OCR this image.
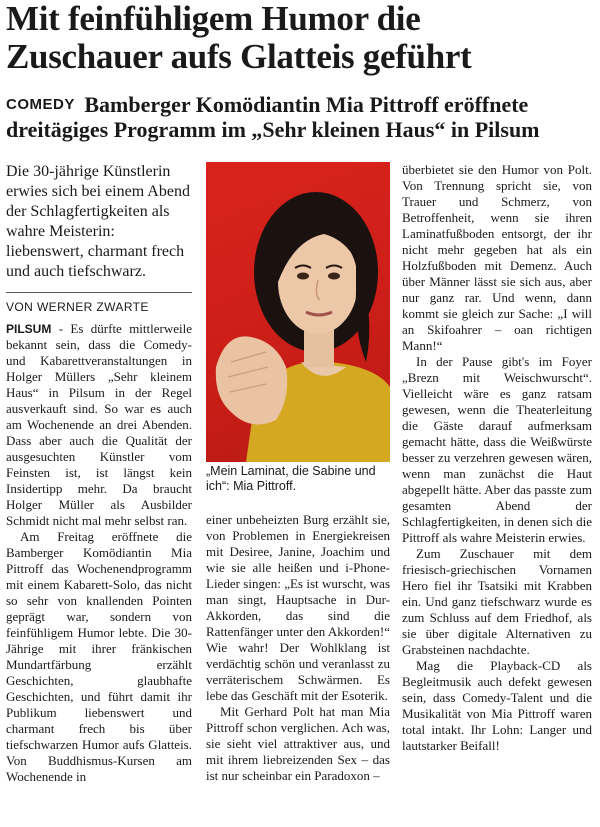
Mit feinfühligem Humor die
Zuschauer aufs Glatteis geführt
COMEDY Bamberger Komödiantin Mia Pittroff eröffnete
dreitägiges Programm im „Sehr kleinen Haus“ in Pilsum

Die 30-jährige Künstlerin erwies sich bei einem Abend der Schlagfertigkeiten als wahre Meisterin: liebenswert, charmant frech und auch tiefschwarz.

VON WERNER ZWARTE

PILSUM - Es dürfte mittlerweile bekannt sein, dass die Comedy- und Kabarettveranstaltungen in Holger Müllers „Sehr kleinem Haus“ in Pilsum in der Regel ausverkauft sind. So war es auch am Wochenende an drei Abenden. Dass aber auch die Qualität der ausgesuchten Künstler vom Feinsten ist, ist längst kein Insidertipp mehr. Da braucht Holger Müller als Ausbilder Schmidt nicht mal mehr selbst ran.

Am Freitag eröffnete die Bamberger Komödiantin Mia Pittroff das Wochenendprogramm mit einem Kabarett-Solo, das nicht so sehr von knallenden Pointen geprägt war, sondern von feinfühligem Humor lebte. Die 30-Jährige mit ihrer fränkischen Mundartfärbung erzählt Geschichten, glaubhafte Geschichten, und führt damit ihr Publikum liebenswert und charmant frech bis über tiefschwarzen Humor aufs Glatteis. Von Buddhismus-Kursen am Wochenende in

„Mein Laminat, die Sabine und ich“: Mia Pittroff.

einer unbeheizten Burg erzählt sie, von Problemen in Energiekreisen mit Desiree, Janine, Joachim und wie sie alle heißen und i-Phone-Lieder singen: „Es ist wurscht, was man singt, Hauptsache in Dur-Akkorden, das sind die Rattenfänger unter den Akkorden!“ Wie wahr! Der Wohlklang ist verdächtig schön und veranlasst zu verräterischem Schwärmen. Es lebe das Geschäft mit der Esoterik.

Mit Gerhard Polt hat man Mia Pittroff schon verglichen. Ach was, sie sieht viel attraktiver aus, und mit ihrem liebreizenden Sex – das ist nur scheinbar ein Paradoxon –

überbietet sie den Humor von Polt. Von Trennung spricht sie, von Trauer und Schmerz, von Betroffenheit, wenn sie ihren Laminatfußboden entsorgt, der ihr nicht mehr gegeben hat als ein Holzfußboden mit Demenz. Auch über Männer lässt sie sich aus, aber nur ganz rar. Und wenn, dann kommt sie gleich zur Sache: „I will an Skifoahrer – oan richtigen Mann!“

In der Pause gibt's im Foyer „Brezn mit Weischwurscht“. Vielleicht wäre es ganz ratsam gewesen, wenn die Theaterleitung die Gäste darauf aufmerksam gemacht hätte, dass die Weißwürste besser zu verzehren gewesen wären, wenn man zunächst die Haut abgepellt hätte. Aber das passte zum gesamten Abend der Schlagfertigkeiten, in denen sich die Pittroff als wahre Meisterin erwies.

Zum Zuschauer mit dem friesisch-griechischen Vornamen Hero fiel ihr Tsatsiki mit Krabben ein. Und ganz tiefschwarz wurde es zum Schluss auf dem Friedhof, als sie über digitale Alternativen zu Grabsteinen nachdachte.

Mag die Playback-CD als Begleitmusik auch defekt gewesen sein, dass Comedy-Talent und die Musikalität von Mia Pittroff waren total intakt. Ihr Lohn: Langer und lautstarker Beifall!
